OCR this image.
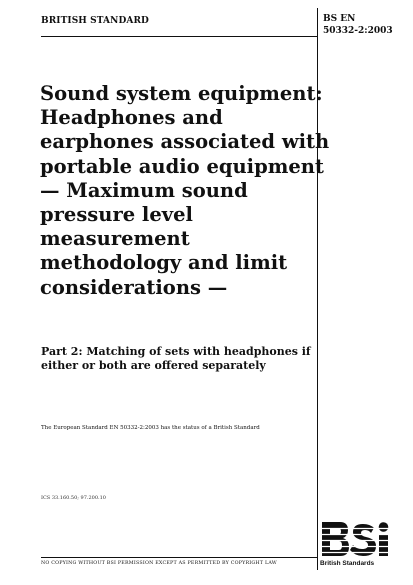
BRITISH STANDARD	BS EN
50332-2:2003
Sound system equipment: Headphones and earphones associated with portable audio equipment — Maximum sound pressure level measurement methodology and limit considerations —
Part 2: Matching of sets with headphones if either or both are offered separately
The European Standard EN 50332-2:2003 has the status of a British Standard
ICS 33.160.50; 97.200.10
NO COPYING WITHOUT BSI PERMISSION EXCEPT AS PERMITTED BY COPYRIGHT LAW	British Standards
